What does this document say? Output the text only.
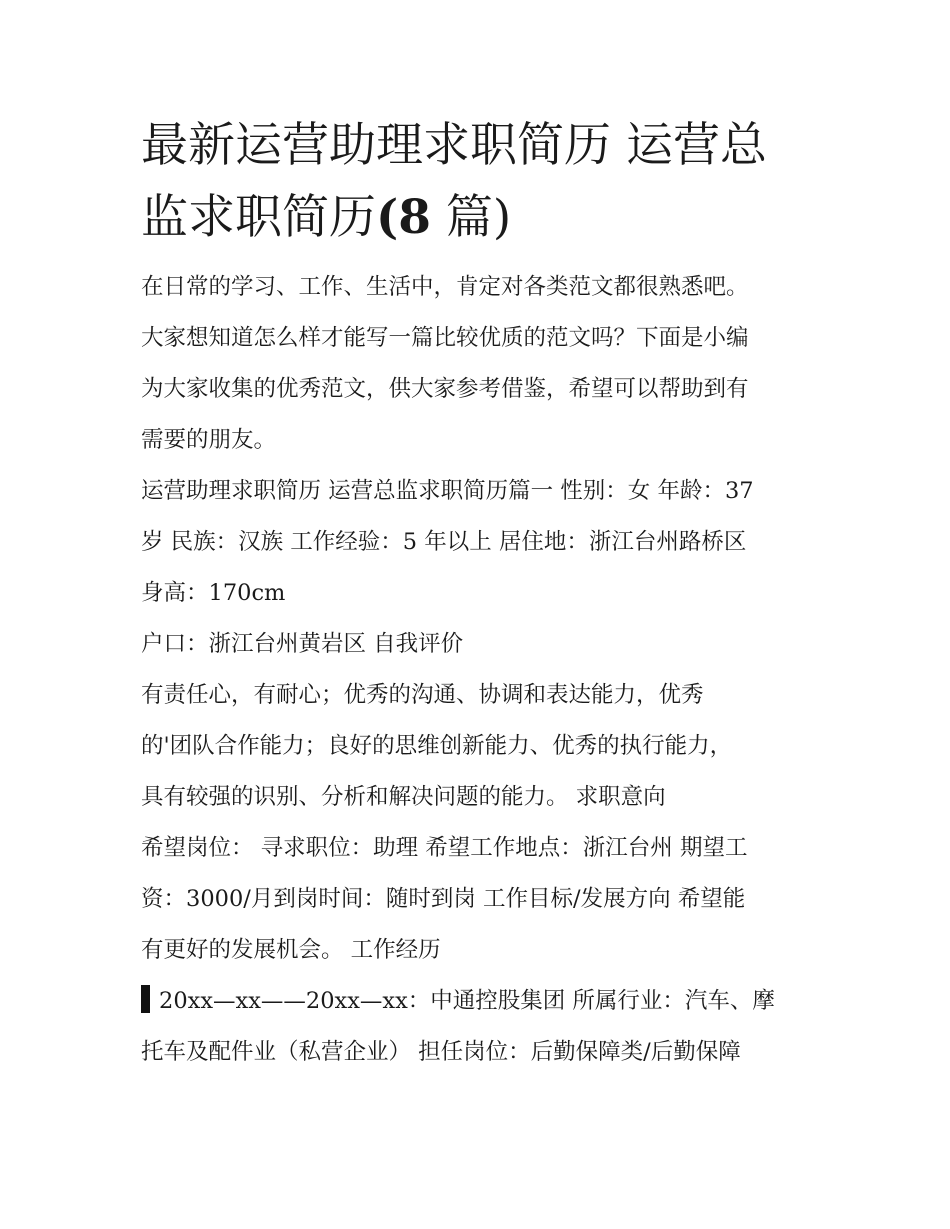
最新运营助理求职简历 运营总
监求职简历(8 篇)

在日常的学习、工作、生活中，肯定对各类范文都很熟悉吧。
大家想知道怎么样才能写一篇比较优质的范文吗？下面是小编
为大家收集的优秀范文，供大家参考借鉴，希望可以帮助到有
需要的朋友。

运营助理求职简历 运营总监求职简历篇一 性别：女 年龄：37
岁 民族：汉族 工作经验：5 年以上 居住地：浙江台州路桥区
身高：170cm

户口：浙江台州黄岩区 自我评价

有责任心，有耐心；优秀的沟通、协调和表达能力，优秀
的'团队合作能力；良好的思维创新能力、优秀的执行能力，
具有较强的识别、分析和解决问题的能力。 求职意向

希望岗位： 寻求职位：助理 希望工作地点：浙江台州 期望工
资：3000/月到岗时间：随时到岗 工作目标/发展方向 希望能
有更好的发展机会。 工作经历

20xx—xx——20xx—xx：中通控股集团 所属行业：汽车、摩
托车及配件业（私营企业） 担任岗位：后勤保障类/后勤保障
